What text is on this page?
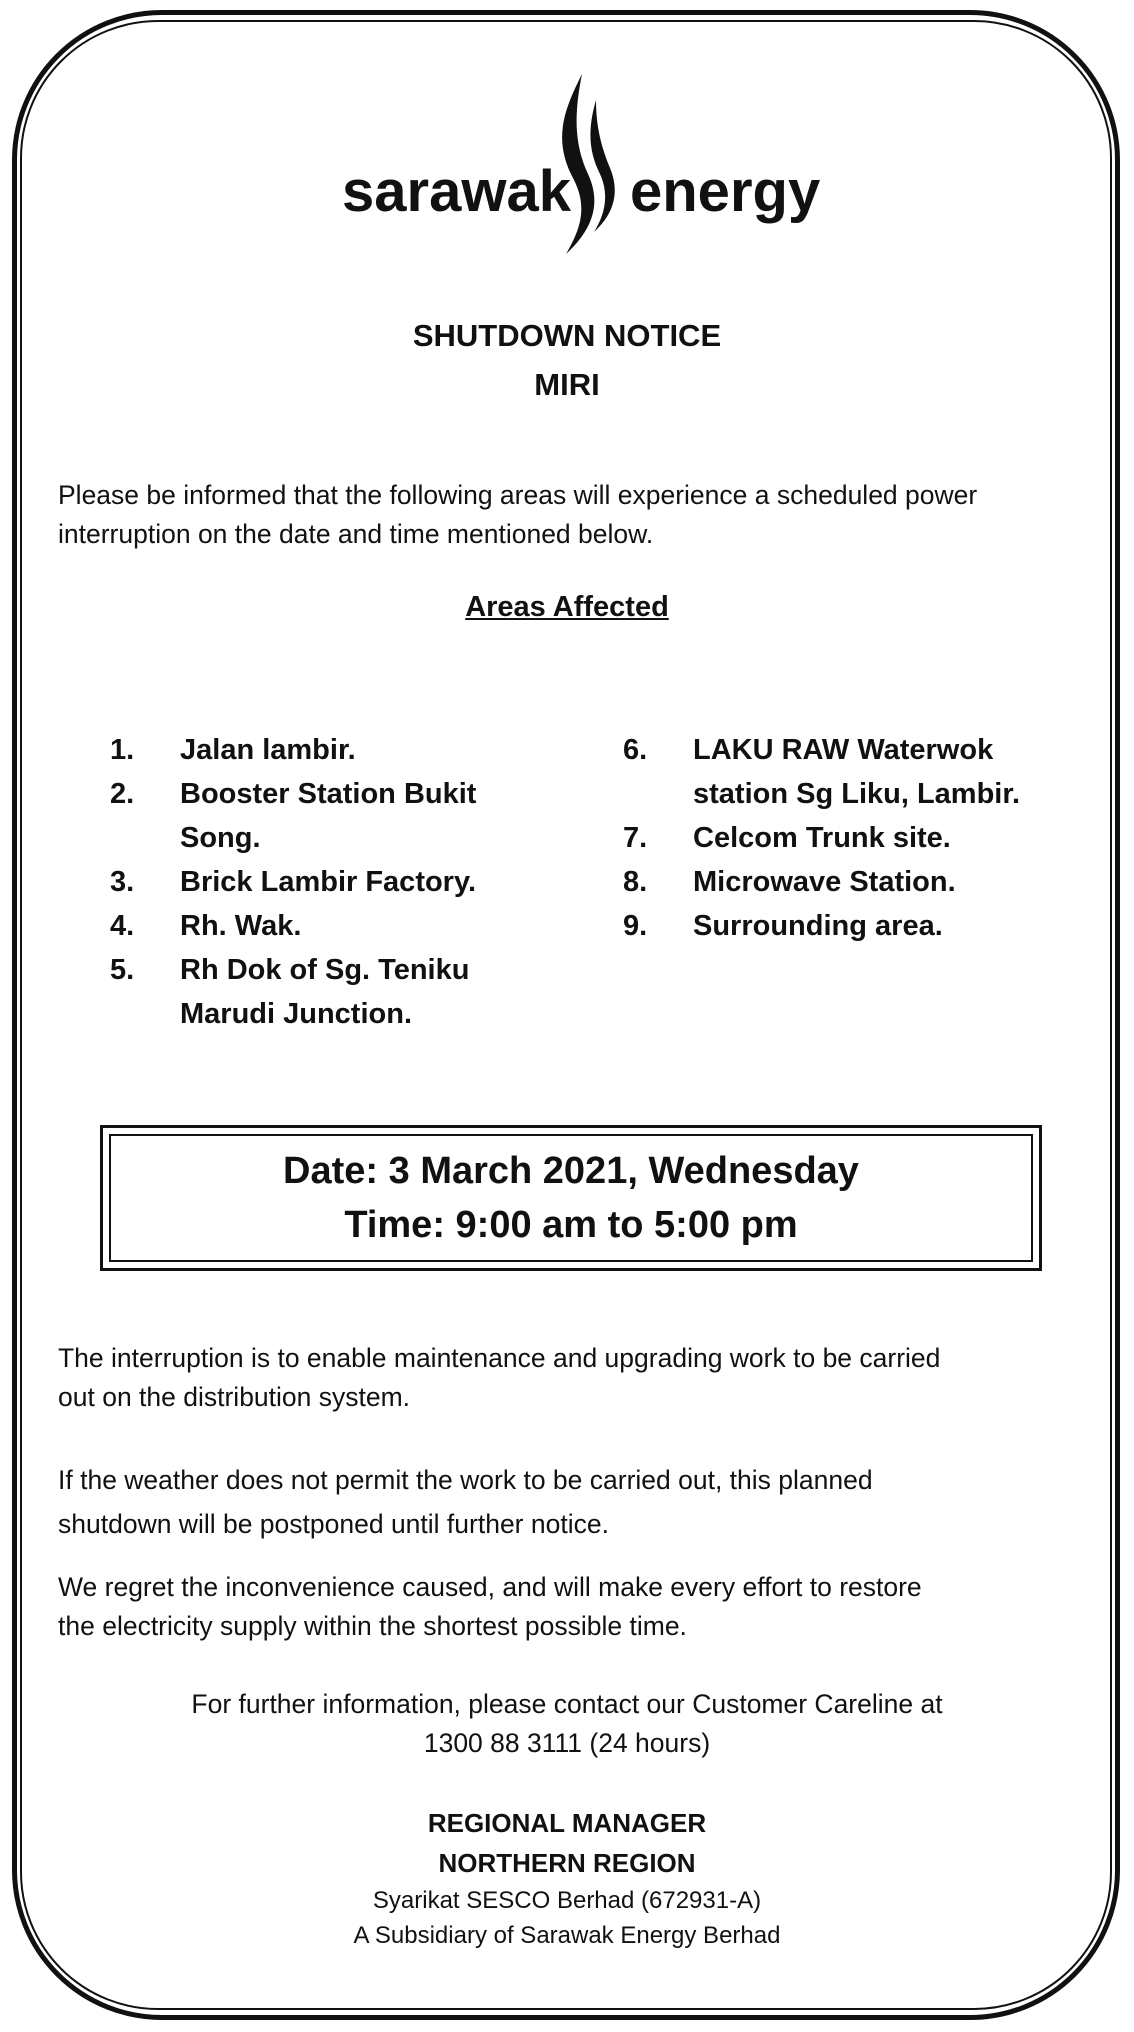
sarawak energy
SHUTDOWN NOTICE
MIRI
Please be informed that the following areas will experience a scheduled power
interruption on the date and time mentioned below.
Areas Affected
1. Jalan lambir.
2. Booster Station Bukit Song.
3. Brick Lambir Factory.
4. Rh. Wak.
5. Rh Dok of Sg. Teniku Marudi Junction.
6. LAKU RAW Waterwok station Sg Liku, Lambir.
7. Celcom Trunk site.
8. Microwave Station.
9. Surrounding area.
Date: 3 March 2021, Wednesday
Time: 9:00 am to 5:00 pm
The interruption is to enable maintenance and upgrading work to be carried
out on the distribution system.
If the weather does not permit the work to be carried out, this planned
shutdown will be postponed until further notice.
We regret the inconvenience caused, and will make every effort to restore
the electricity supply within the shortest possible time.
For further information, please contact our Customer Careline at
1300 88 3111 (24 hours)
REGIONAL MANAGER
NORTHERN REGION
Syarikat SESCO Berhad (672931-A)
A Subsidiary of Sarawak Energy Berhad
